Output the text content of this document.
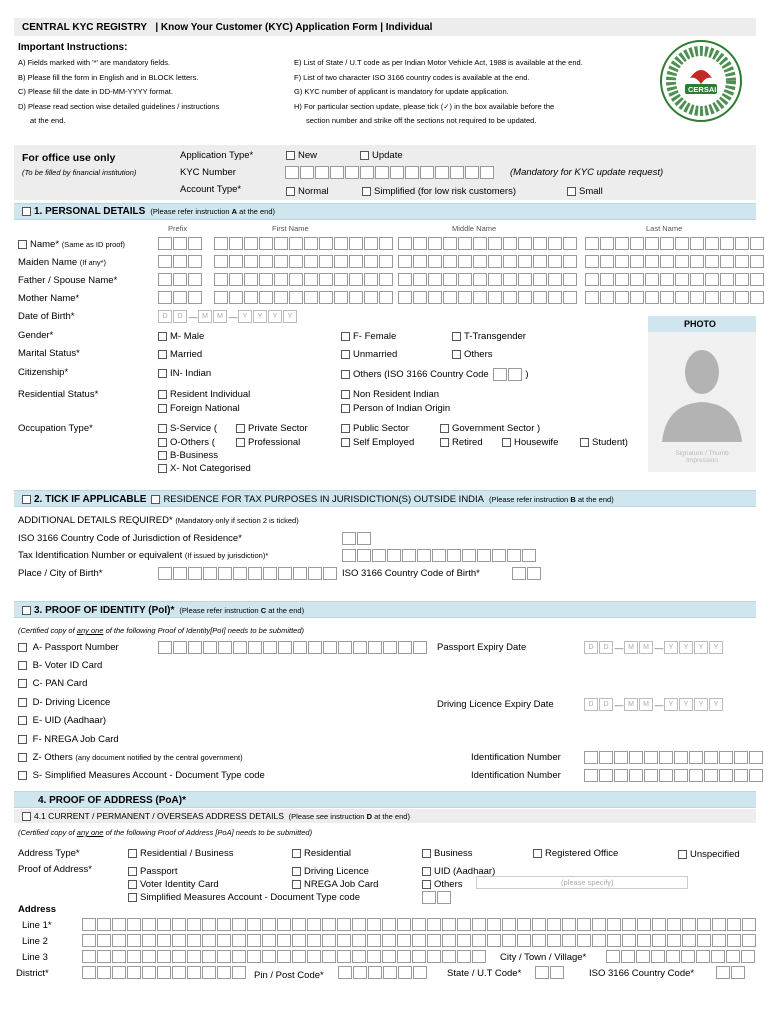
CENTRAL KYC REGISTRY | Know Your Customer (KYC) Application Form | Individual
Important Instructions:
A) Fields marked with '*' are mandatory fields.
B) Please fill the form in English and in BLOCK letters.
C) Please fill the date in DD-MM-YYYY format.
D) Please read section wise detailed guidelines / instructions
at the end.
E) List of State / U.T code as per Indian Motor Vehicle Act, 1988 is available at the end.
F) List of two character ISO 3166 country codes is available at the end.
G) KYC number of applicant is mandatory for update application.
H) For particular section update, please tick (✓) in the box available before the
section number and strike off the sections not required to be updated.
CERSAI
For office use only
(To be filled by financial institution)
Application Type*	New	Update
KYC Number	(Mandatory for KYC update request)
Account Type*	Normal	Simplified (for low risk customers)	Small
1. PERSONAL DETAILS
(Please refer instruction A at the end)
Prefix	First Name	Middle Name	Last Name
Name*
(Same as ID proof)
Maiden Name (If any*)
Father / Spouse Name*
Mother Name*
Date of Birth*	D	D — M	M — Y	Y	Y	Y
PHOTO
Signature / Thumb Impression
Gender*	M- Male	F- Female	T-Transgender
Marital Status*	Married	Unmarried	Others
Citizenship*	IN- Indian	Others (ISO 3166 Country Code
	)
Residential Status*	Resident Individual
Foreign National
Non Resident Indian
Person of Indian Origin
Occupation Type*	S-Service (	Private Sector	Public Sector	Government Sector )
O-Others (	Professional	Self Employed	Retired	Housewife	Student)
B-Business
X- Not Categorised
2. TICK IF APPLICABLE
RESIDENCE FOR TAX PURPOSES IN JURISDICTION(S) OUTSIDE INDIA
(Please refer instruction B at the end)
ADDITIONAL DETAILS REQUIRED* (Mandatory only if section 2 is ticked)
ISO 3166 Country Code of Jurisdiction of Residence*
Tax Identification Number or equivalent (If issued by jurisdiction)*
Place / City of Birth*	ISO 3166 Country Code of Birth*
3. PROOF OF IDENTITY (PoI)*
(Please refer instruction C at the end)
(Certified copy of any one of the following Proof of Identity[PoI] needs to be submitted)

A- Passport Number	Passport Expiry Date	D	D — M	M — Y	Y	Y	Y

B- Voter ID Card

C- PAN Card

D- Driving Licence	Driving Licence Expiry Date	D	D — M	M — Y	Y	Y	Y

E- UID (Aadhaar)

F- NREGA Job Card

Z- Others
(any document notified by the central government)	Identification Number

S- Simplified Measures Account - Document Type code	Identification Number
4. PROOF OF ADDRESS (PoA)*
4.1 CURRENT / PERMANENT / OVERSEAS ADDRESS DETAILS
(Please see instruction D at the end)
(Certified copy of any one of the following Proof of Address [PoA] needs to be submitted)
Address Type*	Residential / Business	Residential	Business	Registered Office	Unspecified
Proof of Address*	Passport	Driving Licence	UID (Aadhaar)
Voter Identity Card	NREGA Job Card	Others	(please specify)
Simplified Measures Account - Document Type code
Address
Line 1*
Line 2
Line 3	City / Town / Village*
District*	Pin / Post Code*	State / U.T Code*	ISO 3166 Country Code*
